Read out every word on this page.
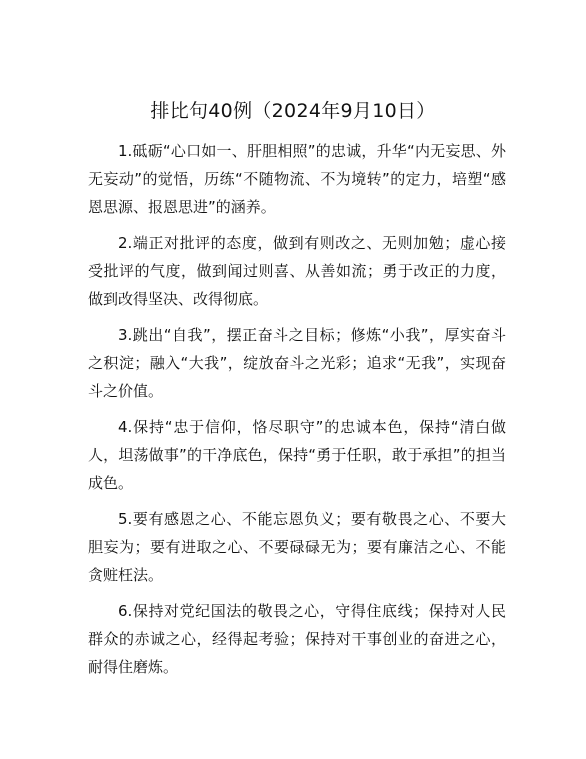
排比句40例（2024年9月10日）

1.砥砺“心口如一、肝胆相照”的忠诚，升华“内无妄思、外无妄动”的觉悟，历练“不随物流、不为境转”的定力，培塑“感恩思源、报恩思进”的涵养。

2.端正对批评的态度，做到有则改之、无则加勉；虚心接受批评的气度，做到闻过则喜、从善如流；勇于改正的力度，做到改得坚决、改得彻底。

3.跳出“自我”，摆正奋斗之目标；修炼“小我”，厚实奋斗之积淀；融入“大我”，绽放奋斗之光彩；追求“无我”，实现奋斗之价值。

4.保持“忠于信仰，恪尽职守”的忠诚本色，保持“清白做人，坦荡做事”的干净底色，保持“勇于任职，敢于承担”的担当成色。

5.要有感恩之心、不能忘恩负义；要有敬畏之心、不要大胆妄为；要有进取之心、不要碌碌无为；要有廉洁之心、不能贪赃枉法。

6.保持对党纪国法的敬畏之心，守得住底线；保持对人民群众的赤诚之心，经得起考验；保持对干事创业的奋进之心，耐得住磨炼。
